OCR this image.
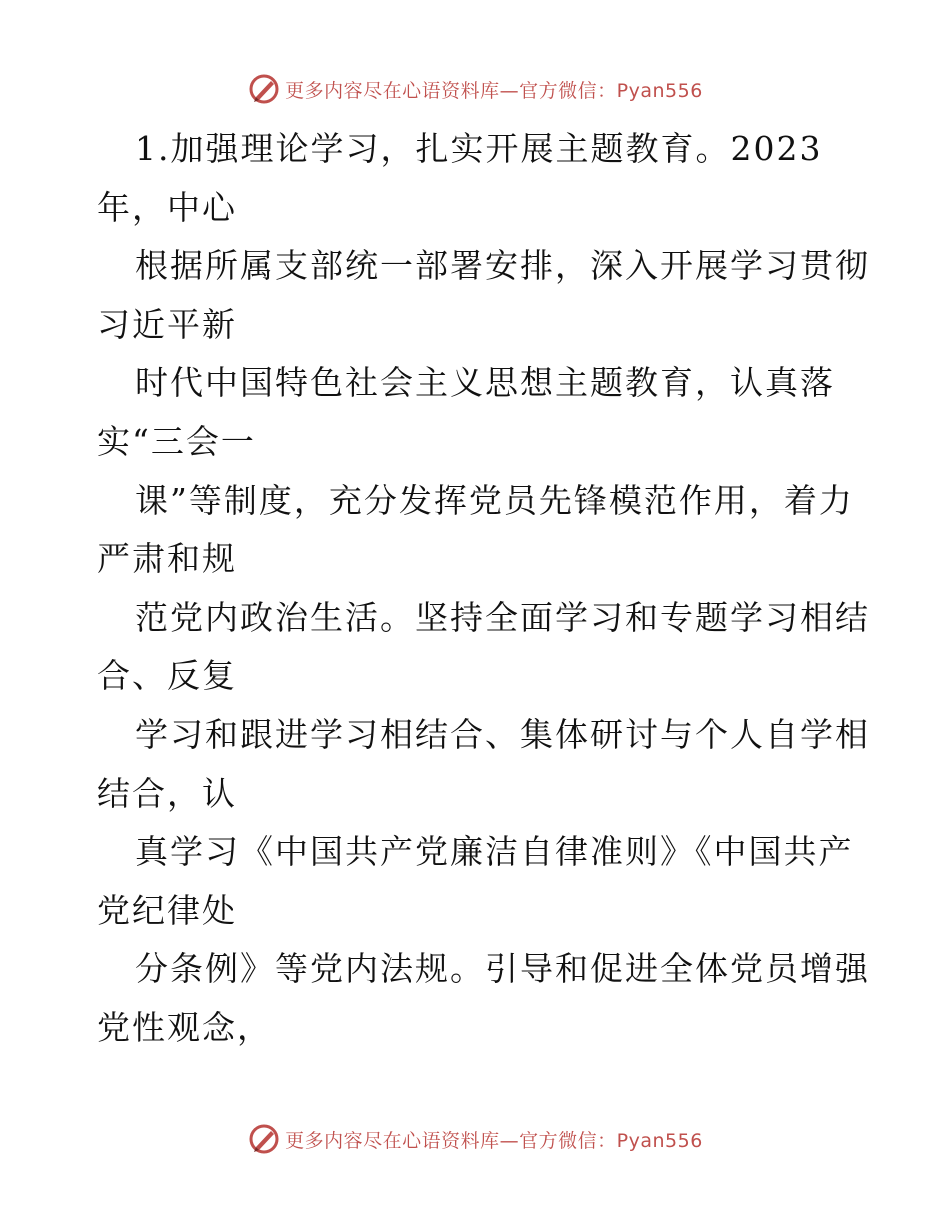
更多内容尽在心语资料库—官方微信：Pyan556
1.加强理论学习，扎实开展主题教育。2023
年，中心
根据所属支部统一部署安排，深入开展学习贯彻
习近平新
时代中国特色社会主义思想主题教育，认真落
实“三会一
课”等制度，充分发挥党员先锋模范作用，着力
严肃和规
范党内政治生活。坚持全面学习和专题学习相结
合、反复
学习和跟进学习相结合、集体研讨与个人自学相
结合，认
真学习《中国共产党廉洁自律准则》《中国共产
党纪律处
分条例》等党内法规。引导和促进全体党员增强
党性观念，
更多内容尽在心语资料库—官方微信：Pyan556
